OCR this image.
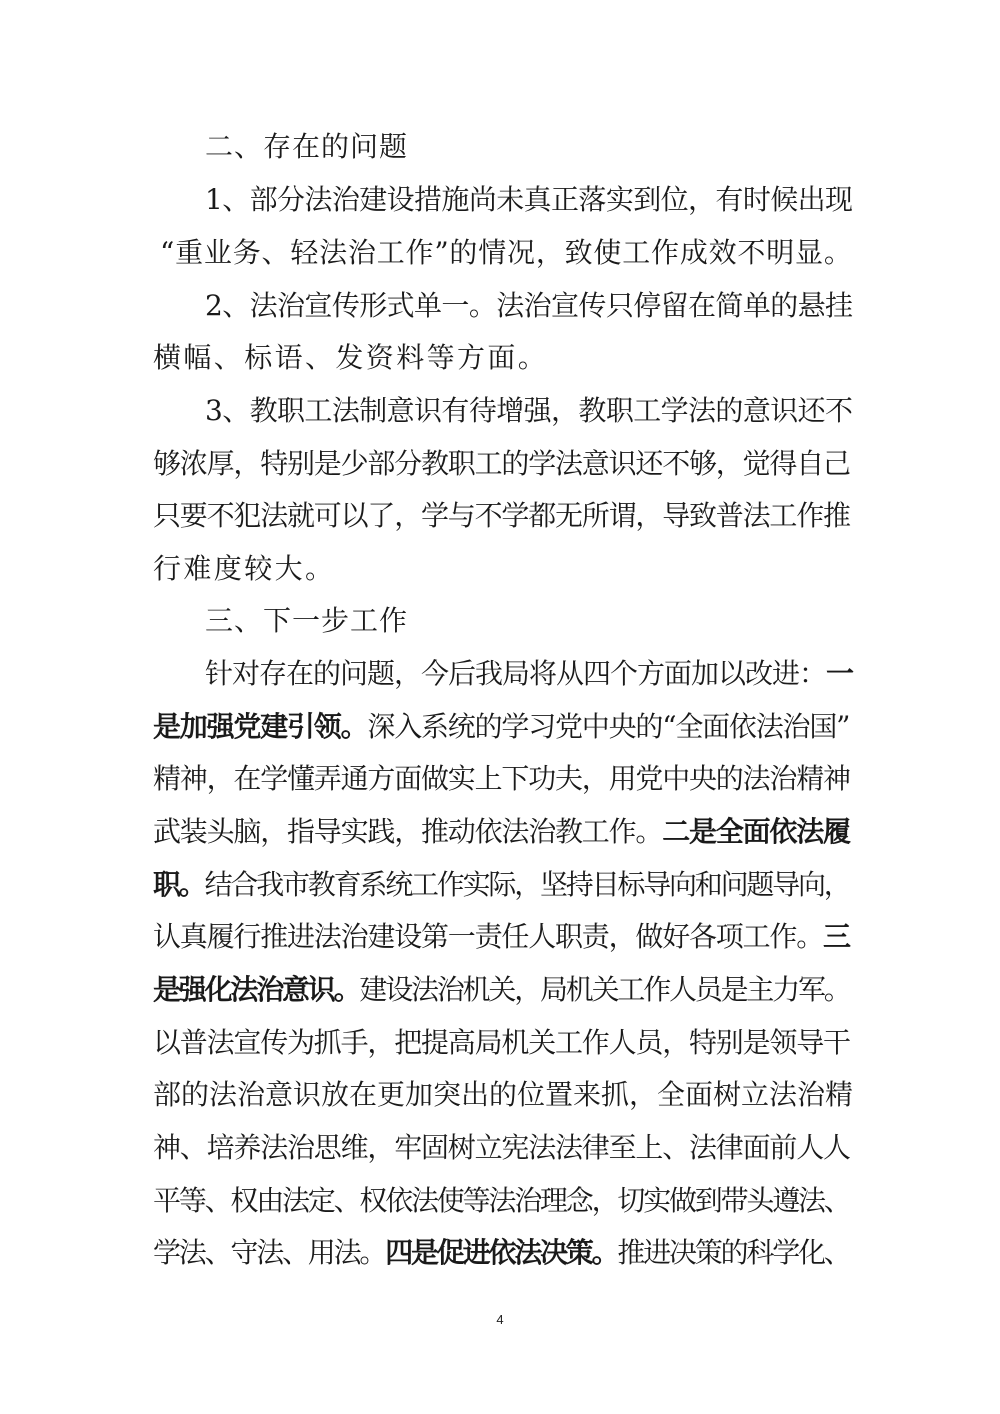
二、存在的问题
1、部分法治建设措施尚未真正落实到位，有时候出现
“重业务、轻法治工作”的情况，致使工作成效不明显。
2、法治宣传形式单一。法治宣传只停留在简单的悬挂
横幅、标语、发资料等方面。
3、教职工法制意识有待增强，教职工学法的意识还不
够浓厚，特别是少部分教职工的学法意识还不够，觉得自己
只要不犯法就可以了，学与不学都无所谓，导致普法工作推
行难度较大。
三、下一步工作
针对存在的问题，今后我局将从四个方面加以改进：一
是加强党建引领。深入系统的学习党中央的“全面依法治国”
精神，在学懂弄通方面做实上下功夫，用党中央的法治精神
武装头脑，指导实践，推动依法治教工作。二是全面依法履
职。结合我市教育系统工作实际，坚持目标导向和问题导向，
认真履行推进法治建设第一责任人职责，做好各项工作。三
是强化法治意识。建设法治机关，局机关工作人员是主力军。
以普法宣传为抓手，把提高局机关工作人员，特别是领导干
部的法治意识放在更加突出的位置来抓，全面树立法治精
神、培养法治思维，牢固树立宪法法律至上、法律面前人人
平等、权由法定、权依法使等法治理念，切实做到带头遵法、
学法、守法、用法。四是促进依法决策。推进决策的科学化、
4
